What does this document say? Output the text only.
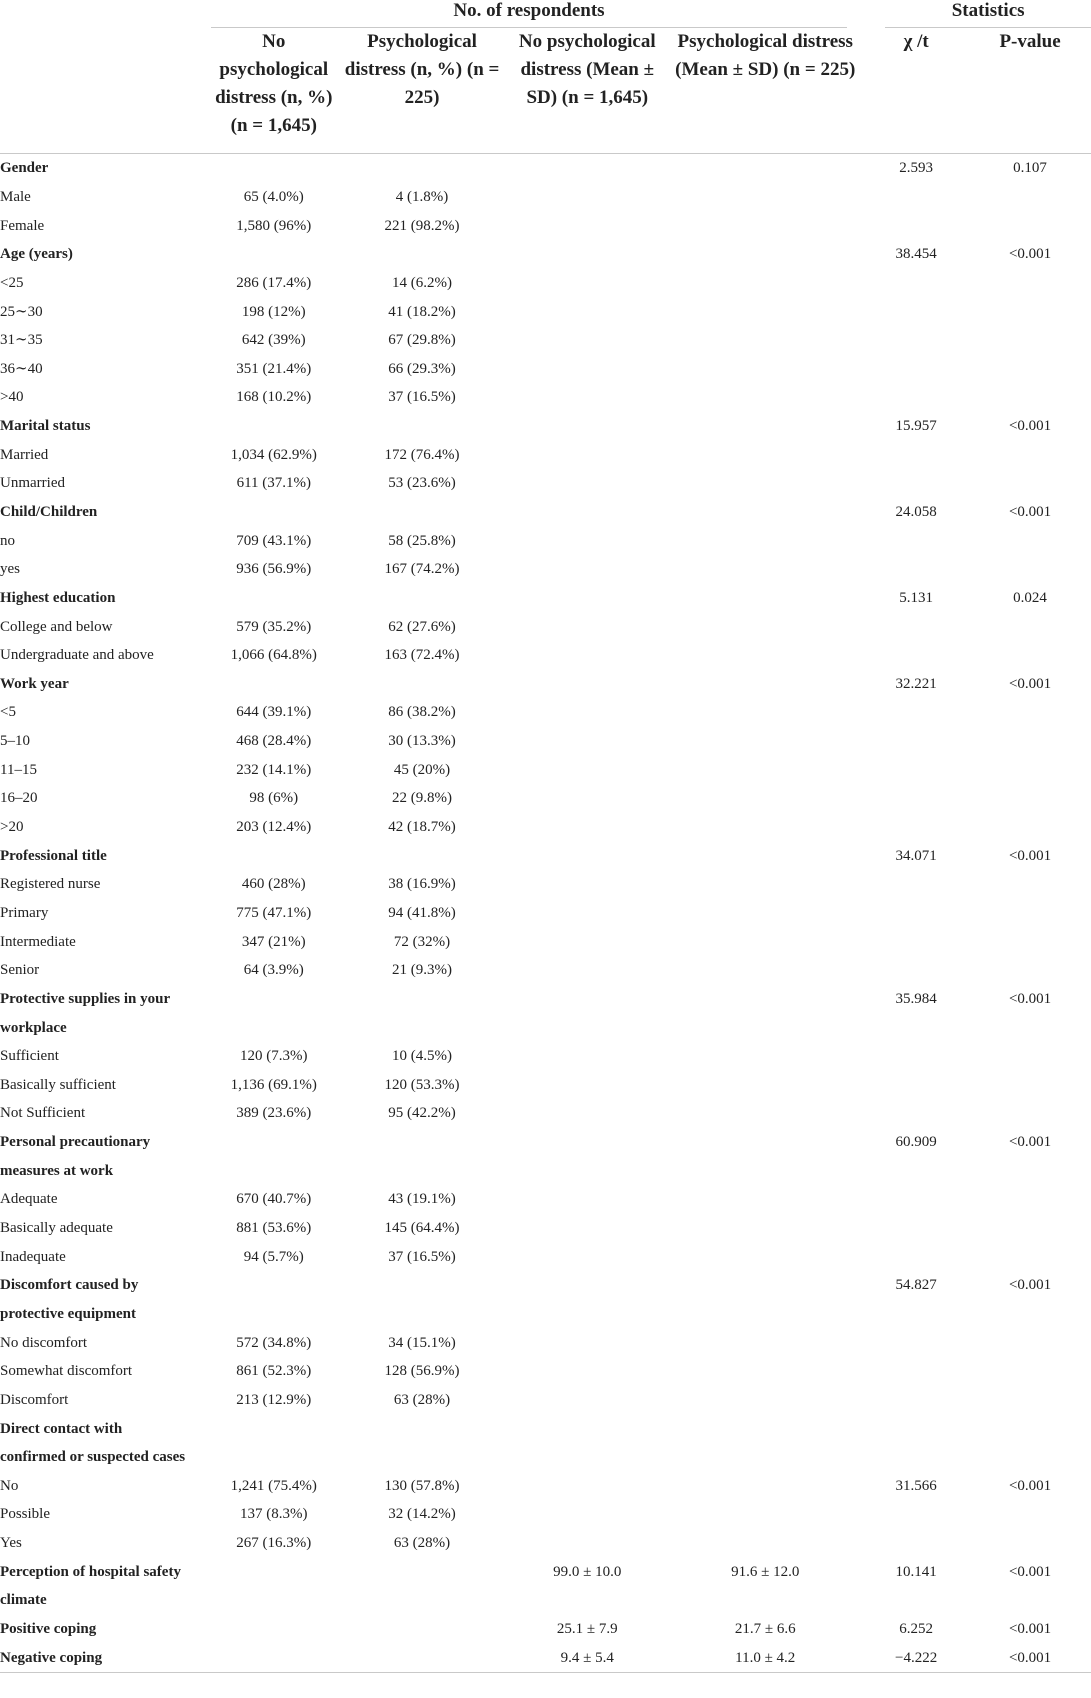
	No. of respondents				Statistics	

	No psychological distress (n, %) (n = 1,645)	Psychological distress (n, %) (n = 225)	No psychological distress (Mean ± SD) (n = 1,645)	Psychological distress (Mean ± SD) (n = 225)	χ /t	P-value
Gender					2.593	0.107
Male	65 (4.0%)	4 (1.8%)				
Female	1,580 (96%)	221 (98.2%)				
Age (years)					38.454	<0.001
<25	286 (17.4%)	14 (6.2%)				
25∼30	198 (12%)	41 (18.2%)				
31∼35	642 (39%)	67 (29.8%)				
36∼40	351 (21.4%)	66 (29.3%)				
>40	168 (10.2%)	37 (16.5%)				
Marital status					15.957	<0.001
Married	1,034 (62.9%)	172 (76.4%)				
Unmarried	611 (37.1%)	53 (23.6%)				
Child/Children					24.058	<0.001
no	709 (43.1%)	58 (25.8%)				
yes	936 (56.9%)	167 (74.2%)				
Highest education					5.131	0.024
College and below	579 (35.2%)	62 (27.6%)				
Undergraduate and above	1,066 (64.8%)	163 (72.4%)				
Work year					32.221	<0.001
<5	644 (39.1%)	86 (38.2%)				
5–10	468 (28.4%)	30 (13.3%)				
11–15	232 (14.1%)	45 (20%)				
16–20	98 (6%)	22 (9.8%)				
>20	203 (12.4%)	42 (18.7%)				
Professional title					34.071	<0.001
Registered nurse	460 (28%)	38 (16.9%)				
Primary	775 (47.1%)	94 (41.8%)				
Intermediate	347 (21%)	72 (32%)				
Senior	64 (3.9%)	21 (9.3%)				
Protective supplies in your					35.984	<0.001
workplace						
Sufficient	120 (7.3%)	10 (4.5%)				
Basically sufficient	1,136 (69.1%)	120 (53.3%)				
Not Sufficient	389 (23.6%)	95 (42.2%)				
Personal precautionary					60.909	<0.001
measures at work						
Adequate	670 (40.7%)	43 (19.1%)				
Basically adequate	881 (53.6%)	145 (64.4%)				
Inadequate	94 (5.7%)	37 (16.5%)				
Discomfort caused by					54.827	<0.001
protective equipment						
No discomfort	572 (34.8%)	34 (15.1%)				
Somewhat discomfort	861 (52.3%)	128 (56.9%)				
Discomfort	213 (12.9%)	63 (28%)				
Direct contact with						
confirmed or suspected cases						
No	1,241 (75.4%)	130 (57.8%)			31.566	<0.001
Possible	137 (8.3%)	32 (14.2%)				
Yes	267 (16.3%)	63 (28%)				
Perception of hospital safety			99.0 ± 10.0	91.6 ± 12.0	10.141	<0.001
climate						
Positive coping			25.1 ± 7.9	21.7 ± 6.6	6.252	<0.001
Negative coping			9.4 ± 5.4	11.0 ± 4.2	−4.222	<0.001
